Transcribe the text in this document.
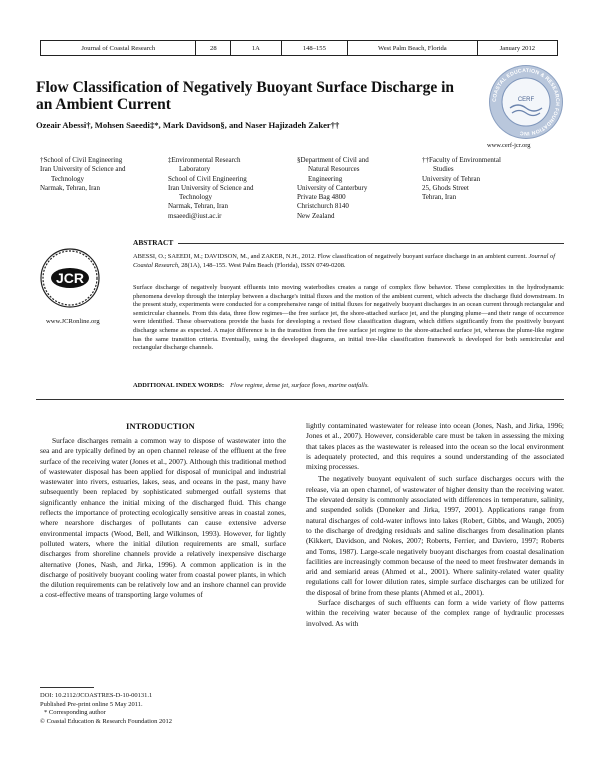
Journal of Coastal Research	28	1A	148–155	West Palm Beach, Florida	January 2012
Flow Classification of Negatively Buoyant Surface Discharge in an Ambient Current
Ozeair Abessi†, Mohsen Saeedi‡*, Mark Davidson§, and Naser Hajizadeh Zaker††

†School of Civil Engineering

Iran University of Science and

Technology

Narmak, Tehran, Iran

‡Environmental Research

Laboratory

School of Civil Engineering

Iran University of Science and

Technology

Narmak, Tehran, Iran

msaeedi@iust.ac.ir

§Department of Civil and

Natural Resources

Engineering

University of Canterbury

Private Bag 4800

Christchurch 8140

New Zealand

††Faculty of Environmental

Studies

University of Tehran

25, Ghods Street

Tehran, Iran

COASTAL EDUCATION & RESEARCH FOUNDATION INC
CERF
www.cerf-jcr.org
JCR
www.JCRonline.org
ABSTRACT

ABESSI, O.; SAEEDI, M.; DAVIDSON, M., and ZAKER, N.H., 2012. Flow classification of negatively buoyant surface discharge in an ambient current. Journal of Coastal Research, 28(1A), 148–155. West Palm Beach (Florida), ISSN 0749-0208.

Surface discharge of negatively buoyant effluents into moving waterbodies creates a range of complex flow behavior. These complexities in the hydrodynamic phenomena develop through the interplay between a discharge's initial fluxes and the motion of the ambient current, which advects the discharge fluid downstream. In the present study, experiments were conducted for a comprehensive range of initial fluxes for negatively buoyant discharges in an ocean current through rectangular and semicircular channels. From this data, three flow regimes—the free surface jet, the shore-attached surface jet, and the plunging plume—and their range of occurrence were identified. These observations provide the basis for developing a revised flow classification diagram, which differs significantly from the positively buoyant discharge scheme as expected. A major difference is in the transition from the free surface jet regime to the shore-attached surface jet, whereas the plume-like regime has the same transition criteria. Eventually, using the developed diagrams, an initial tree-like classification framework is developed for both semicircular and rectangular discharge channels.

ADDITIONAL INDEX WORDS: Flow regime, dense jet, surface flows, marine outfalls.
INTRODUCTION

Surface discharges remain a common way to dispose of wastewater into the sea and are typically defined by an open channel release of the effluent at the free surface of the receiving water (Jones et al., 2007). Although this traditional method of wastewater disposal has been applied for disposal of municipal and industrial wastewater into rivers, estuaries, lakes, seas, and oceans in the past, many have subsequently been replaced by sophisticated submerged outfall systems that significantly enhance the initial mixing of the discharged fluid. This change reflects the importance of protecting ecologically sensitive areas in coastal zones, where nearshore discharges of pollutants can cause extensive adverse environmental impacts (Wood, Bell, and Wilkinson, 1993). However, for lightly polluted waters, where the initial dilution requirements are small, surface discharges from shoreline channels provide a relatively inexpensive discharge alternative (Jones, Nash, and Jirka, 1996). A common application is in the discharge of positively buoyant cooling water from coastal power plants, in which the dilution requirements can be relatively low and an inshore channel can provide a cost-effective means of transporting large volumes of

lightly contaminated wastewater for release into ocean (Jones, Nash, and Jirka, 1996; Jones et al., 2007). However, considerable care must be taken in assessing the mixing that takes places as the wastewater is released into the ocean so the local environment is adequately protected, and this requires a sound understanding of the associated mixing processes.

The negatively buoyant equivalent of such surface discharges occurs with the release, via an open channel, of wastewater of higher density than the receiving water. The elevated density is commonly associated with differences in temperature, salinity, and suspended solids (Doneker and Jirka, 1997, 2001). Applications range from natural discharges of cold-water inflows into lakes (Robert, Gibbs, and Waugh, 2005) to the discharge of dredging residuals and saline discharges from desalination plants (Kikkert, Davidson, and Nokes, 2007; Roberts, Ferrier, and Daviero, 1997; Roberts and Toms, 1987). Large-scale negatively buoyant discharges from coastal desalination facilities are increasingly common because of the need to meet freshwater demands in arid and semiarid areas (Ahmed et al., 2001). Where salinity-related water quality regulations call for lower dilution rates, simple surface discharges can be utilized for the disposal of brine from these plants (Ahmed et al., 2001).

Surface discharges of such effluents can form a wide variety of flow patterns within the receiving water because of the complex range of hydraulic processes involved. As with

DOI: 10.2112/JCOASTRES-D-10-00131.1
Published Pre-print online 5 May 2011.
* Corresponding author
© Coastal Education & Research Foundation 2012
